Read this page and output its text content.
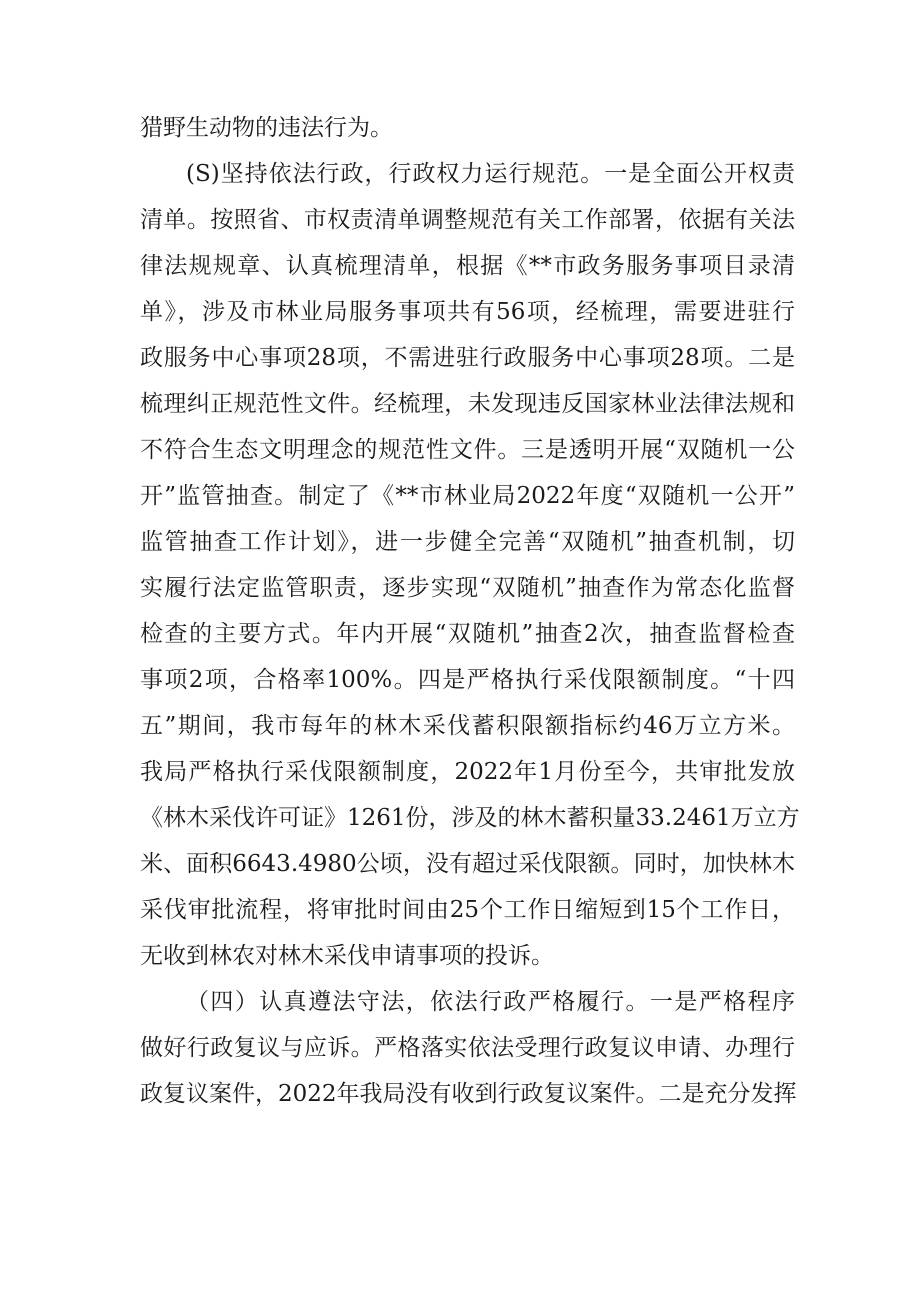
猎野生动物的违法行为。
(S)坚持依法行政，行政权力运行规范。一是全面公开权责
清单。按照省、市权责清单调整规范有关工作部署，依据有关法
律法规规章、认真梳理清单，根据《**市政务服务事项目录清
单》，涉及市林业局服务事项共有56项，经梳理，需要进驻行
政服务中心事项28项，不需进驻行政服务中心事项28项。二是
梳理纠正规范性文件。经梳理，未发现违反国家林业法律法规和
不符合生态文明理念的规范性文件。三是透明开展“双随机一公
开”监管抽查。制定了《**市林业局2022年度“双随机一公开”
监管抽查工作计划》，进一步健全完善“双随机”抽查机制，切
实履行法定监管职责，逐步实现“双随机”抽查作为常态化监督
检查的主要方式。年内开展“双随机”抽查2次，抽查监督检查
事项2项，合格率100%。四是严格执行采伐限额制度。“十四
五”期间，我市每年的林木采伐蓄积限额指标约46万立方米。
我局严格执行采伐限额制度，2022年1月份至今，共审批发放
《林木采伐许可证》1261份，涉及的林木蓄积量33.2461万立方
米、面积6643.4980公顷，没有超过采伐限额。同时，加快林木
采伐审批流程，将审批时间由25个工作日缩短到15个工作日，
无收到林农对林木采伐申请事项的投诉。
（四）认真遵法守法，依法行政严格履行。一是严格程序
做好行政复议与应诉。严格落实依法受理行政复议申请、办理行
政复议案件，2022年我局没有收到行政复议案件。二是充分发挥
